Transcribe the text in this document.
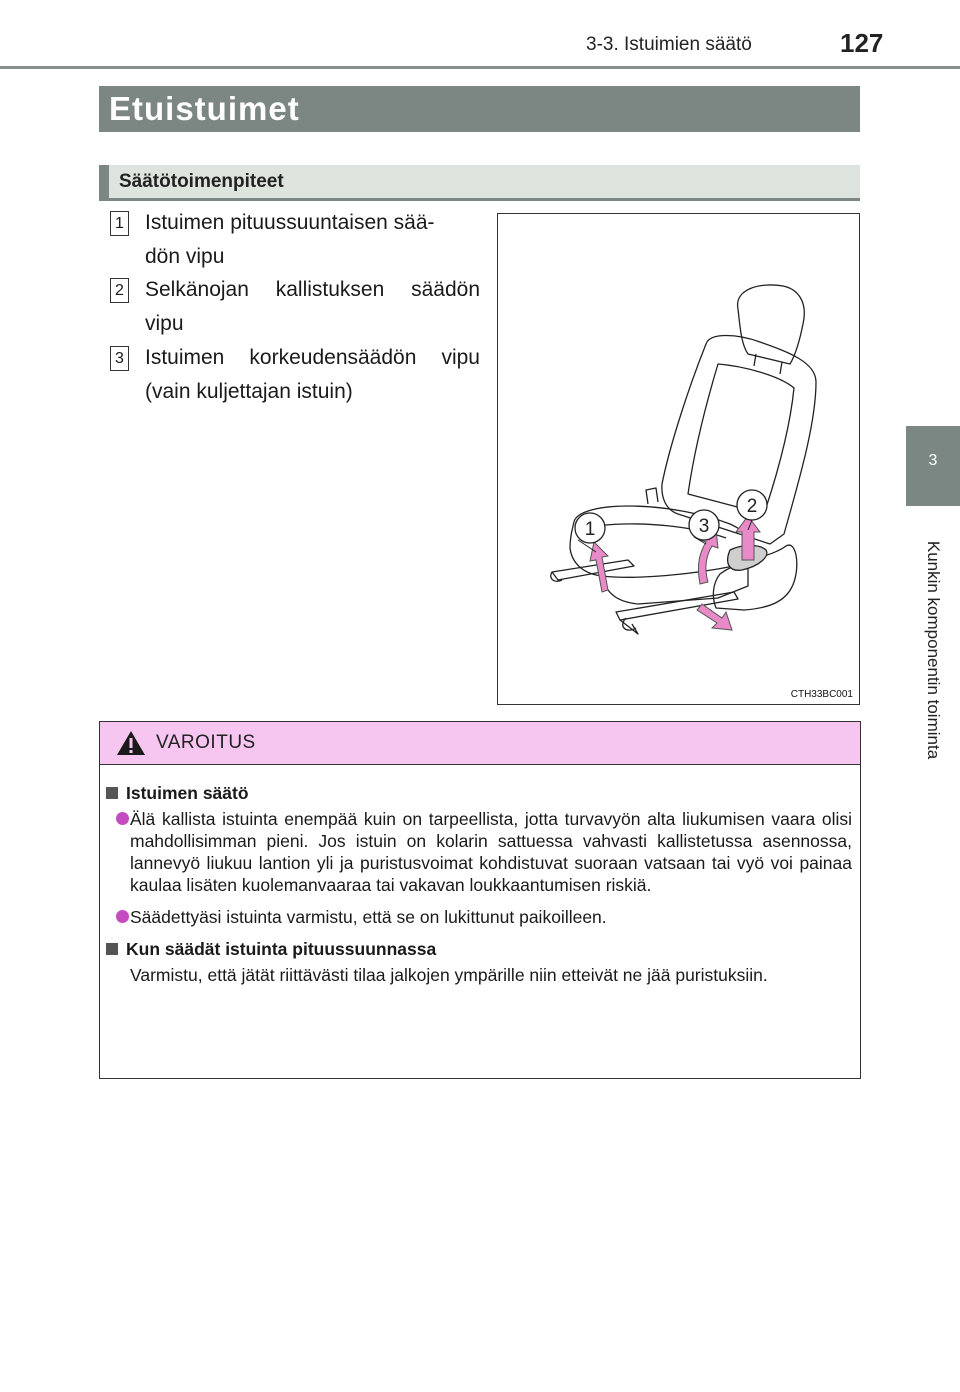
3-3. Istuimien säätö	127
3
Kunkin komponentin toiminta
Etuistuimet
Säätötoimenpiteet
1 Istuimen pituussuuntaisen sää-
dön vipu
2 Selkänojan kallistuksen säädön vipu
3 Istuimen korkeudensäädön vipu (vain kuljettajan istuin)
1	3
2
CTH33BC001
VAROITUS
Istuimen säätö
Älä kallista istuinta enempää kuin on tarpeellista, jotta turvavyön alta liukumisen vaara olisi mahdollisimman pieni. Jos istuin on kolarin sattuessa vahvasti kallistetussa asennossa, lannevyö liukuu lantion yli ja puristusvoimat kohdistuvat suoraan vatsaan tai vyö voi painaa kaulaa lisäten kuolemanvaaraa tai vakavan loukkaantumisen riskiä.
Säädettyäsi istuinta varmistu, että se on lukittunut paikoilleen.
Kun säädät istuinta pituussuunnassa
Varmistu, että jätät riittävästi tilaa jalkojen ympärille niin etteivät ne jää puristuksiin.
